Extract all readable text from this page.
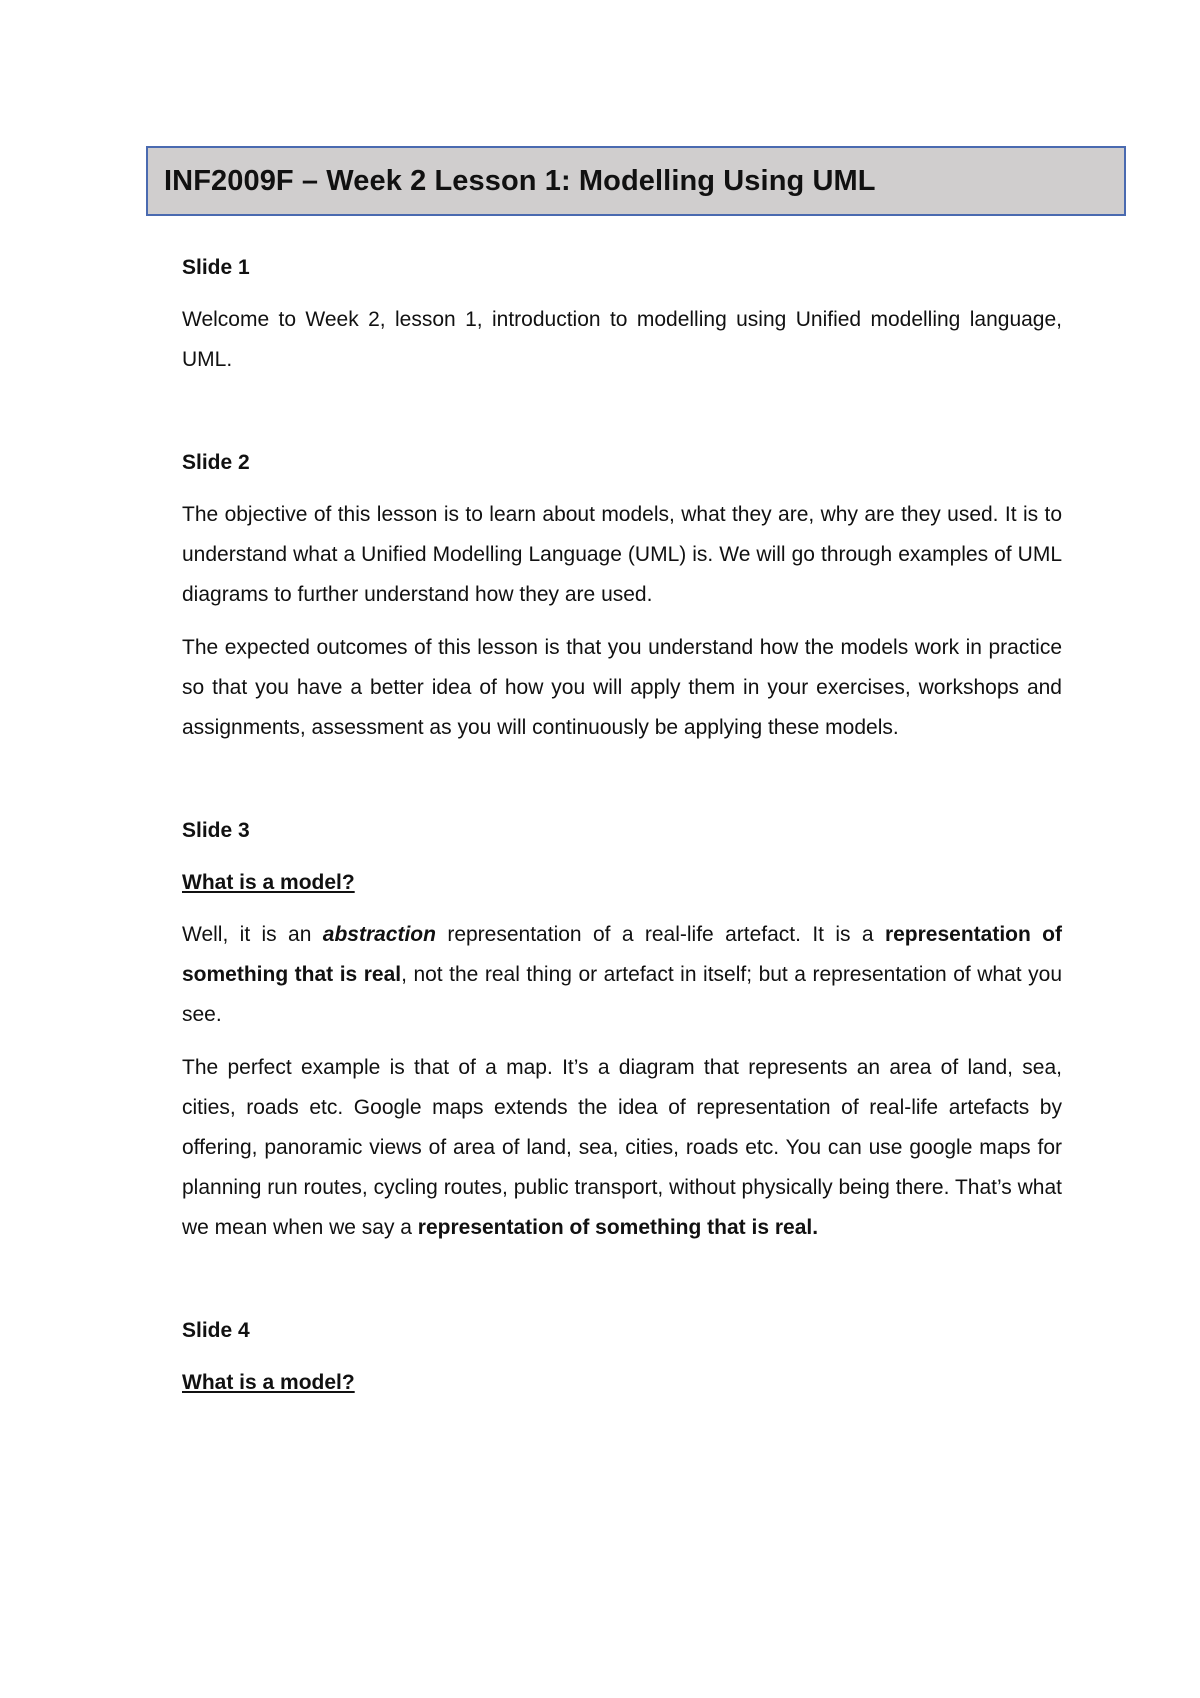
INF2009F – Week 2 Lesson 1: Modelling Using UML
Slide 1

Welcome to Week 2, lesson 1, introduction to modelling using Unified modelling language, UML.

Slide 2

The objective of this lesson is to learn about models, what they are, why are they used. It is to understand what a Unified Modelling Language (UML) is. We will go through examples of UML diagrams to further understand how they are used.

The expected outcomes of this lesson is that you understand how the models work in practice so that you have a better idea of how you will apply them in your exercises, workshops and assignments, assessment as you will continuously be applying these models.

Slide 3
What is a model?

Well, it is an abstraction representation of a real-life artefact. It is a representation of something that is real, not the real thing or artefact in itself; but a representation of what you see.

The perfect example is that of a map. It’s a diagram that represents an area of land, sea, cities, roads etc. Google maps extends the idea of representation of real-life artefacts by offering, panoramic views of area of land, sea, cities, roads etc. You can use google maps for planning run routes, cycling routes, public transport, without physically being there. That’s what we mean when we say a representation of something that is real.

Slide 4
What is a model?
